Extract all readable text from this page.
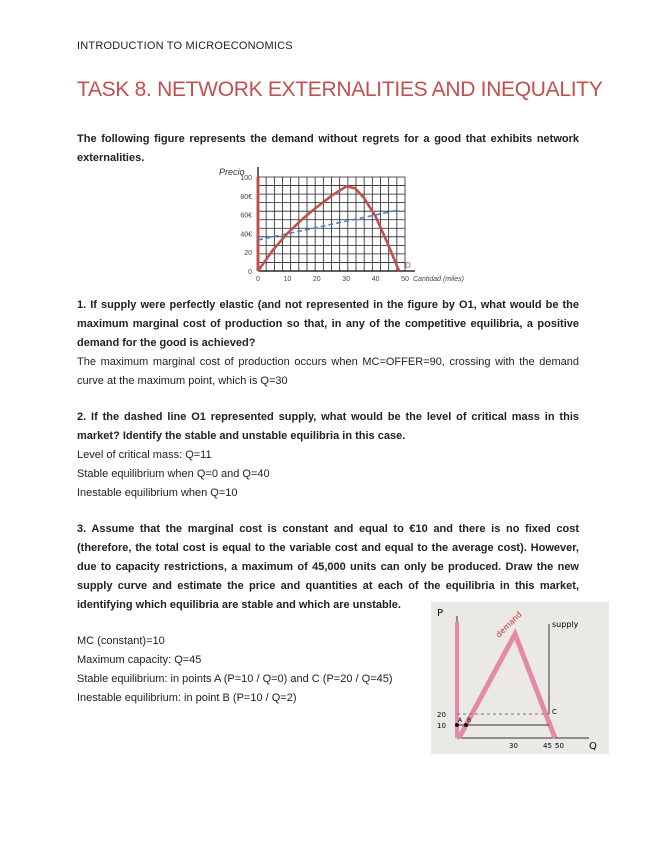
INTRODUCTION TO MICROECONOMICS
TASK 8. NETWORK EXTERNALITIES AND INEQUALITY
The following figure represents the demand without regrets for a good that exhibits network externalities.
0
20
40€
60€
80€
100
0	10	20	30	40	50
Precio
Cantidad (miles)
D
1. If supply were perfectly elastic (and not represented in the figure by O1, what would be the maximum marginal cost of production so that, in any of the competitive equilibria, a positive demand for the good is achieved?
The maximum marginal cost of production occurs when MC=OFFER=90, crossing with the demand curve at the maximum point, which is Q=30
2. If the dashed line O1 represented supply, what would be the level of critical mass in this market? Identify the stable and unstable equilibria in this case.
Level of critical mass: Q=11
Stable equilibrium when Q=0 and Q=40
Inestable equilibrium when Q=10
3. Assume that the marginal cost is constant and equal to €10 and there is no fixed cost (therefore, the total cost is equal to the variable cost and equal to the average cost). However, due to capacity restrictions, a maximum of 45,000 units can only be produced. Draw the new supply curve and estimate the price and quantities at each of the equilibria in this market, identifying which equilibria are stable and which are unstable.
MC (constant)=10
Maximum capacity: Q=45
Stable equilibrium: in points A (P=10 / Q=0) and C (P=20 / Q=45)
Inestable equilibrium: in point B (P=10 / Q=2)
P
Q
demand	supply
20
10
30	45 50
A B
C
